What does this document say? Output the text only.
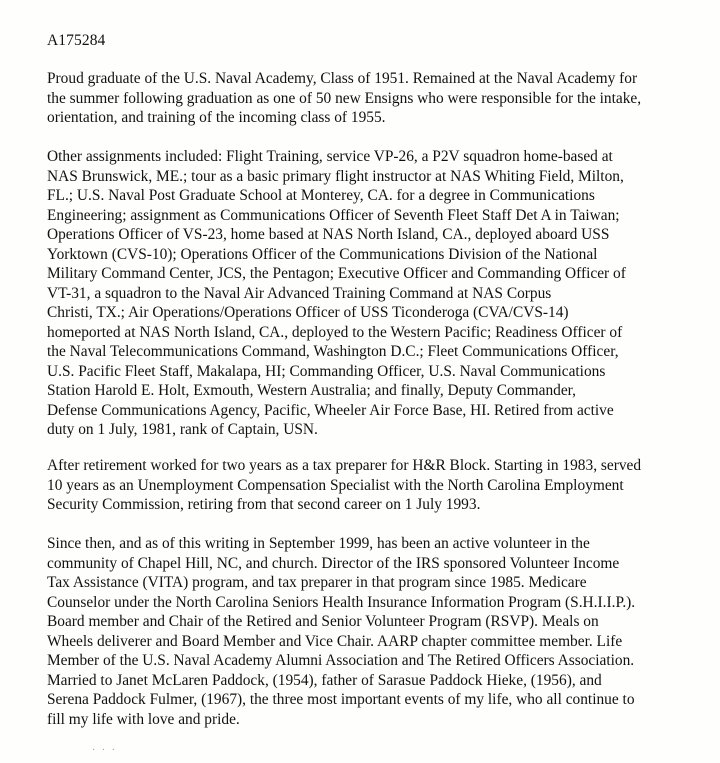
A175284
Proud graduate of the U.S. Naval Academy, Class of 1951. Remained at the Naval Academy for
the summer following graduation as one of 50 new Ensigns who were responsible for the intake,
orientation, and training of the incoming class of 1955.
Other assignments included: Flight Training, service VP-26, a P2V squadron home-based at
NAS Brunswick, ME.; tour as a basic primary flight instructor at NAS Whiting Field, Milton,
FL.; U.S. Naval Post Graduate School at Monterey, CA. for a degree in Communications
Engineering; assignment as Communications Officer of Seventh Fleet Staff Det A in Taiwan;
Operations Officer of VS-23, home based at NAS North Island, CA., deployed aboard USS
Yorktown (CVS-10); Operations Officer of the Communications Division of the National
Military Command Center, JCS, the Pentagon; Executive Officer and Commanding Officer of
VT-31, a squadron to the Naval Air Advanced Training Command at NAS Corpus
Christi, TX.; Air Operations/Operations Officer of USS Ticonderoga (CVA/CVS-14)
homeported at NAS North Island, CA., deployed to the Western Pacific; Readiness Officer of
the Naval Telecommunications Command, Washington D.C.; Fleet Communications Officer,
U.S. Pacific Fleet Staff, Makalapa, HI; Commanding Officer, U.S. Naval Communications
Station Harold E. Holt, Exmouth, Western Australia; and finally, Deputy Commander,
Defense Communications Agency, Pacific, Wheeler Air Force Base, HI. Retired from active
duty on 1 July, 1981, rank of Captain, USN.
After retirement worked for two years as a tax preparer for H&R Block. Starting in 1983, served
10 years as an Unemployment Compensation Specialist with the North Carolina Employment
Security Commission, retiring from that second career on 1 July 1993.
Since then, and as of this writing in September 1999, has been an active volunteer in the
community of Chapel Hill, NC, and church. Director of the IRS sponsored Volunteer Income
Tax Assistance (VITA) program, and tax preparer in that program since 1985. Medicare
Counselor under the North Carolina Seniors Health Insurance Information Program (S.H.I.I.P.).
Board member and Chair of the Retired and Senior Volunteer Program (RSVP). Meals on
Wheels deliverer and Board Member and Vice Chair. AARP chapter committee member. Life
Member of the U.S. Naval Academy Alumni Association and The Retired Officers Association.
Married to Janet McLaren Paddock, (1954), father of Sarasue Paddock Hieke, (1956), and
Serena Paddock Fulmer, (1967), the three most important events of my life, who all continue to
fill my life with love and pride.
· · ·
